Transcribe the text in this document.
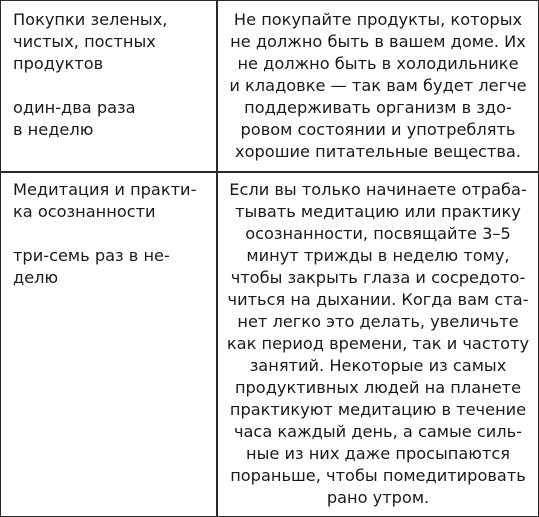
Покупки зеленых,
чистых, постных
продуктов
один-два раза
в неделю
Не покупайте продукты, которых
не должно быть в вашем доме. Их
не должно быть в холодильнике
и кладовке — так вам будет легче
поддерживать организм в здо-
ровом состоянии и употреблять
хорошие питательные вещества.
Медитация и практи-
ка осознанности
три-семь раз в не-
делю
Если вы только начинаете отраба-
тывать медитацию или практику
осознанности, посвящайте 3–5
минут трижды в неделю тому,
чтобы закрыть глаза и сосредото-
читься на дыхании. Когда вам ста-
нет легко это делать, увеличьте
как период времени, так и частоту
занятий. Некоторые из самых
продуктивных людей на планете
практикуют медитацию в течение
часа каждый день, а самые силь-
ные из них даже просыпаются
пораньше, чтобы помедитировать
рано утром.
